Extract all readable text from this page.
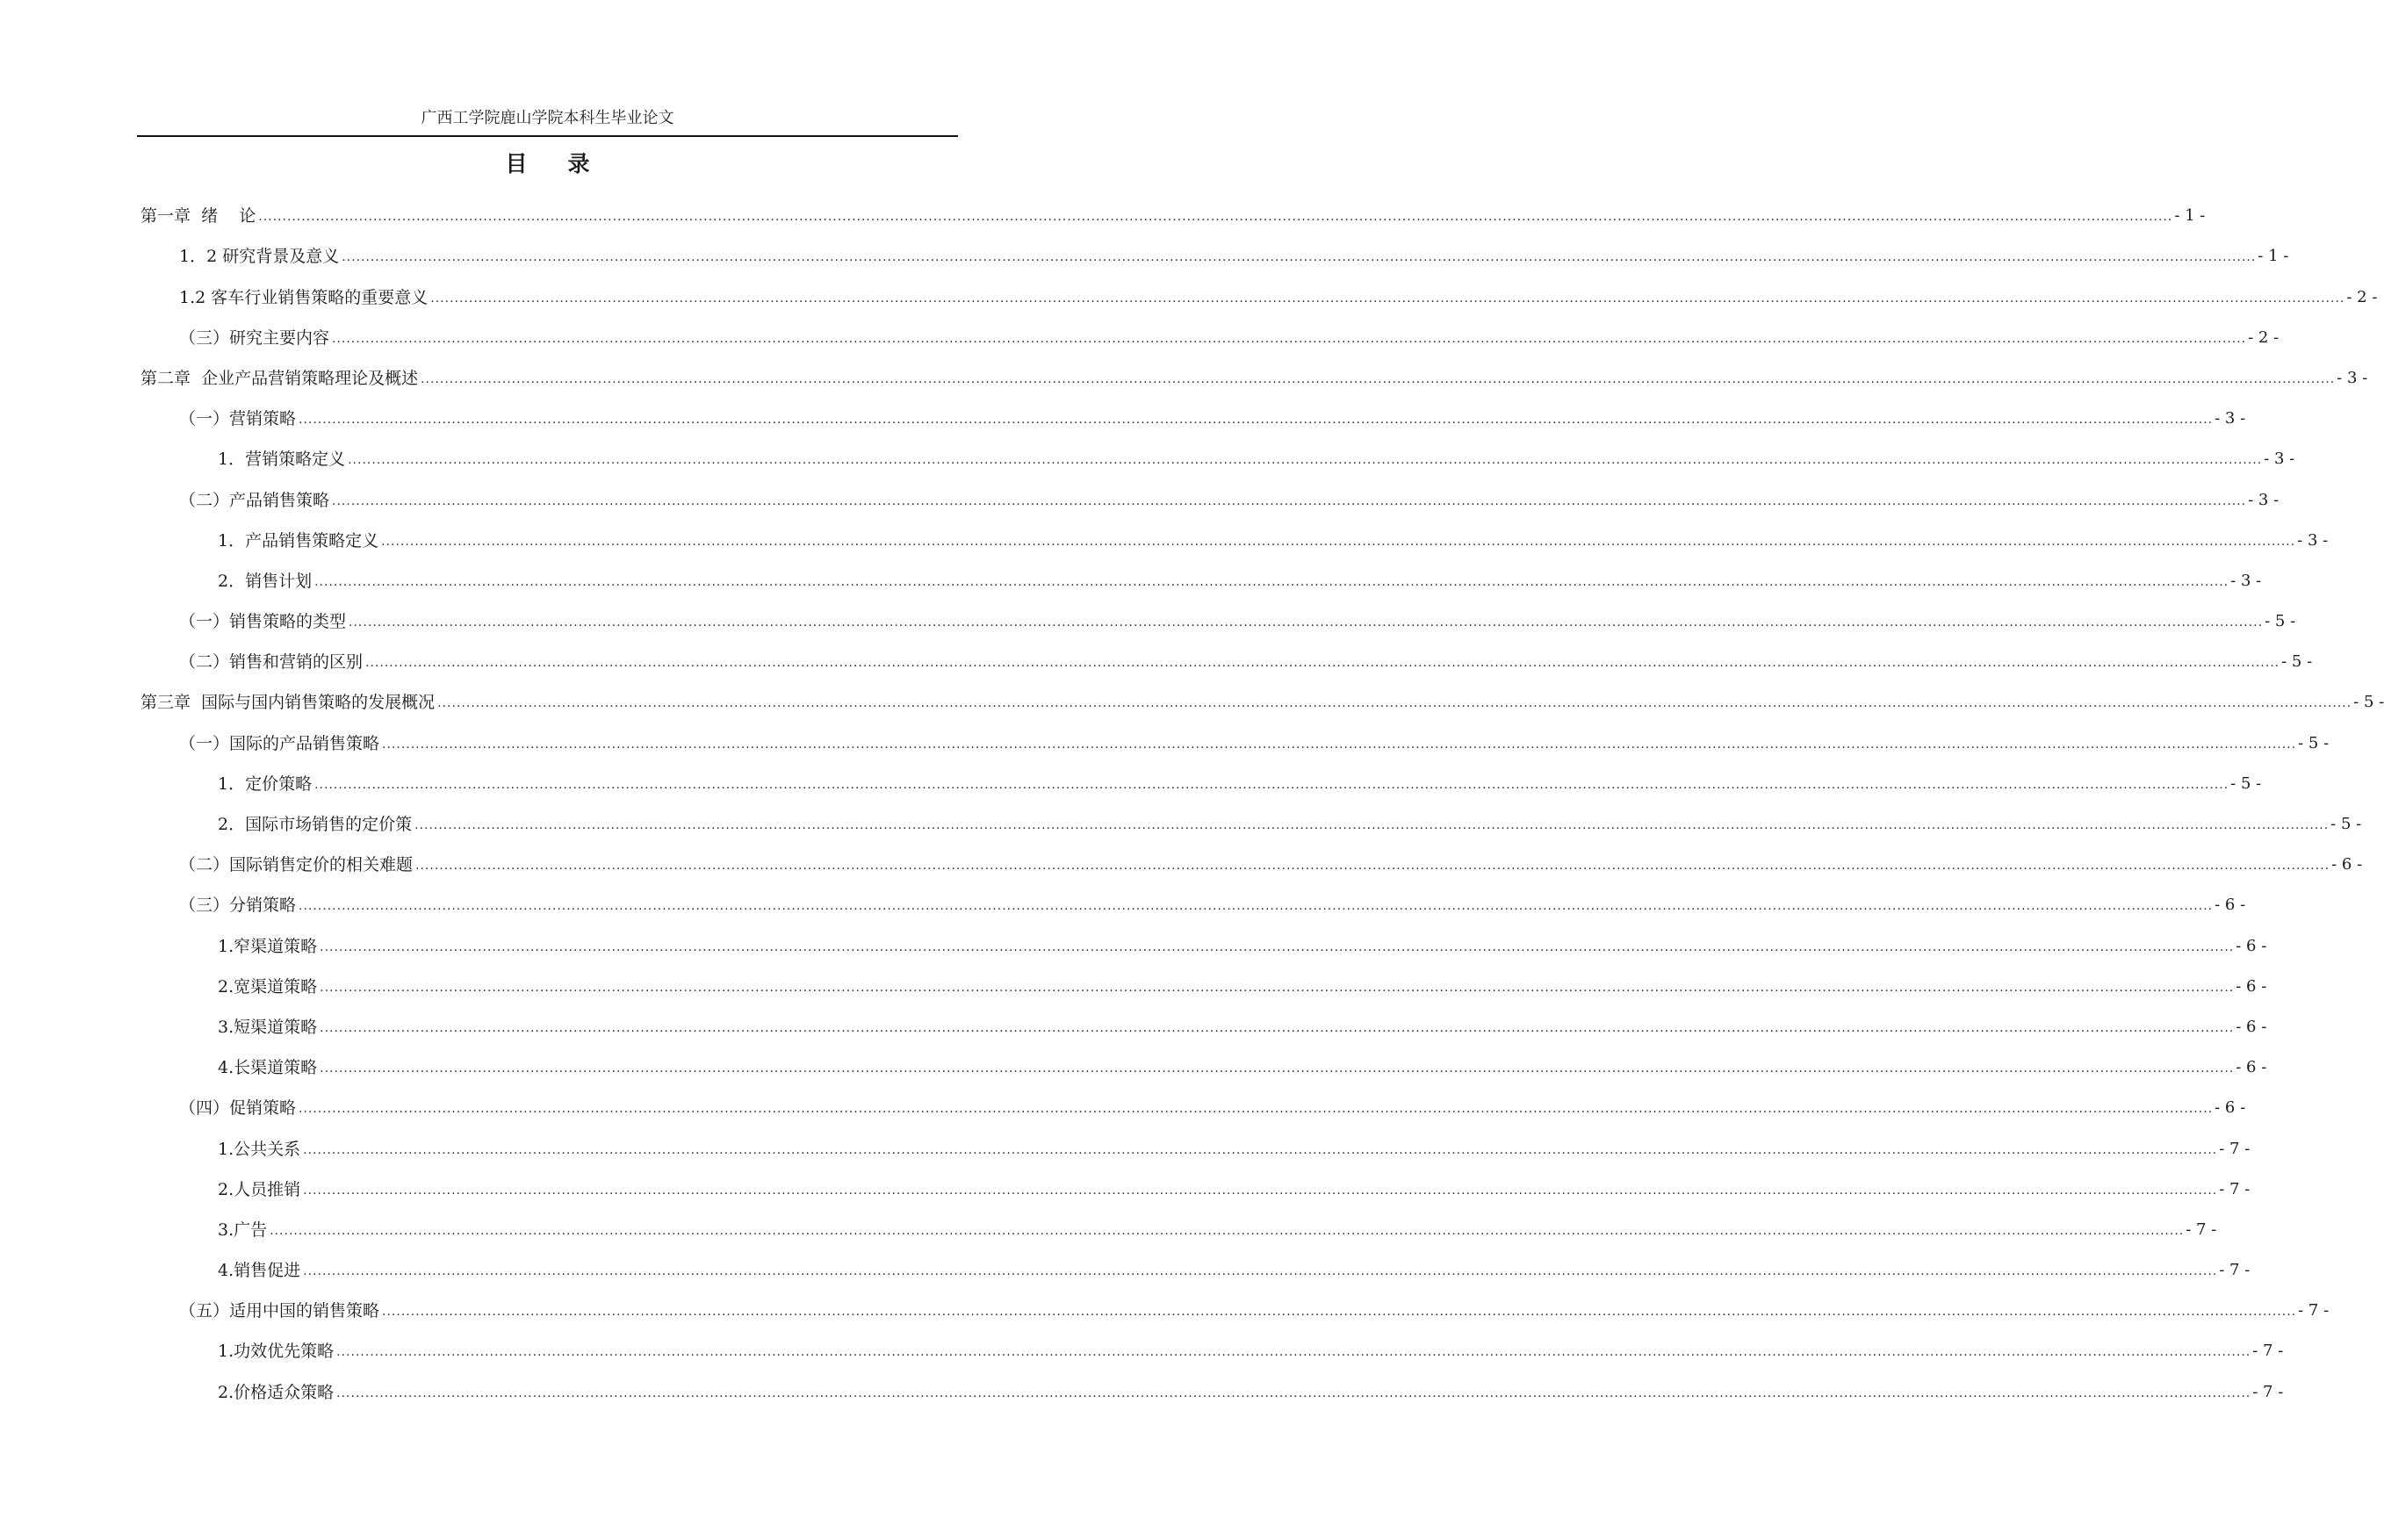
广西工学院鹿山学院本科生毕业论文
目录
第一章  绪    论 ................................................................................................................................................................................................................................................................................................................................................................................................................ - 1 -
1．2 研究背景及意义 ................................................................................................................................................................................................................................................................................................................................................................................................................ - 1 -
1.2 客车行业销售策略的重要意义 ................................................................................................................................................................................................................................................................................................................................................................................................................ - 2 -
（三）研究主要内容 ................................................................................................................................................................................................................................................................................................................................................................................................................ - 2 -
第二章  企业产品营销策略理论及概述 ................................................................................................................................................................................................................................................................................................................................................................................................................ - 3 -
（一）营销策略 ................................................................................................................................................................................................................................................................................................................................................................................................................ - 3 -
1．营销策略定义 ................................................................................................................................................................................................................................................................................................................................................................................................................ - 3 -
（二）产品销售策略 ................................................................................................................................................................................................................................................................................................................................................................................................................ - 3 -
1．产品销售策略定义 ................................................................................................................................................................................................................................................................................................................................................................................................................ - 3 -
2．销售计划 ................................................................................................................................................................................................................................................................................................................................................................................................................ - 3 -
（一）销售策略的类型 ................................................................................................................................................................................................................................................................................................................................................................................................................ - 5 -
（二）销售和营销的区别 ................................................................................................................................................................................................................................................................................................................................................................................................................ - 5 -
第三章  国际与国内销售策略的发展概况 ................................................................................................................................................................................................................................................................................................................................................................................................................ - 5 -
（一）国际的产品销售策略 ................................................................................................................................................................................................................................................................................................................................................................................................................ - 5 -
1．定价策略 ................................................................................................................................................................................................................................................................................................................................................................................................................ - 5 -
2．国际市场销售的定价策 ................................................................................................................................................................................................................................................................................................................................................................................................................ - 5 -
（二）国际销售定价的相关难题 ................................................................................................................................................................................................................................................................................................................................................................................................................ - 6 -
（三）分销策略 ................................................................................................................................................................................................................................................................................................................................................................................................................ - 6 -
1.窄渠道策略 ................................................................................................................................................................................................................................................................................................................................................................................................................ - 6 -
2.宽渠道策略 ................................................................................................................................................................................................................................................................................................................................................................................................................ - 6 -
3.短渠道策略 ................................................................................................................................................................................................................................................................................................................................................................................................................ - 6 -
4.长渠道策略 ................................................................................................................................................................................................................................................................................................................................................................................................................ - 6 -
（四）促销策略 ................................................................................................................................................................................................................................................................................................................................................................................................................ - 6 -
1.公共关系 ................................................................................................................................................................................................................................................................................................................................................................................................................ - 7 -
2.人员推销 ................................................................................................................................................................................................................................................................................................................................................................................................................ - 7 -
3.广告 ................................................................................................................................................................................................................................................................................................................................................................................................................ - 7 -
4.销售促进 ................................................................................................................................................................................................................................................................................................................................................................................................................ - 7 -
（五）适用中国的销售策略 ................................................................................................................................................................................................................................................................................................................................................................................................................ - 7 -
1.功效优先策略 ................................................................................................................................................................................................................................................................................................................................................................................................................ - 7 -
2.价格适众策略 ................................................................................................................................................................................................................................................................................................................................................................................................................ - 7 -
